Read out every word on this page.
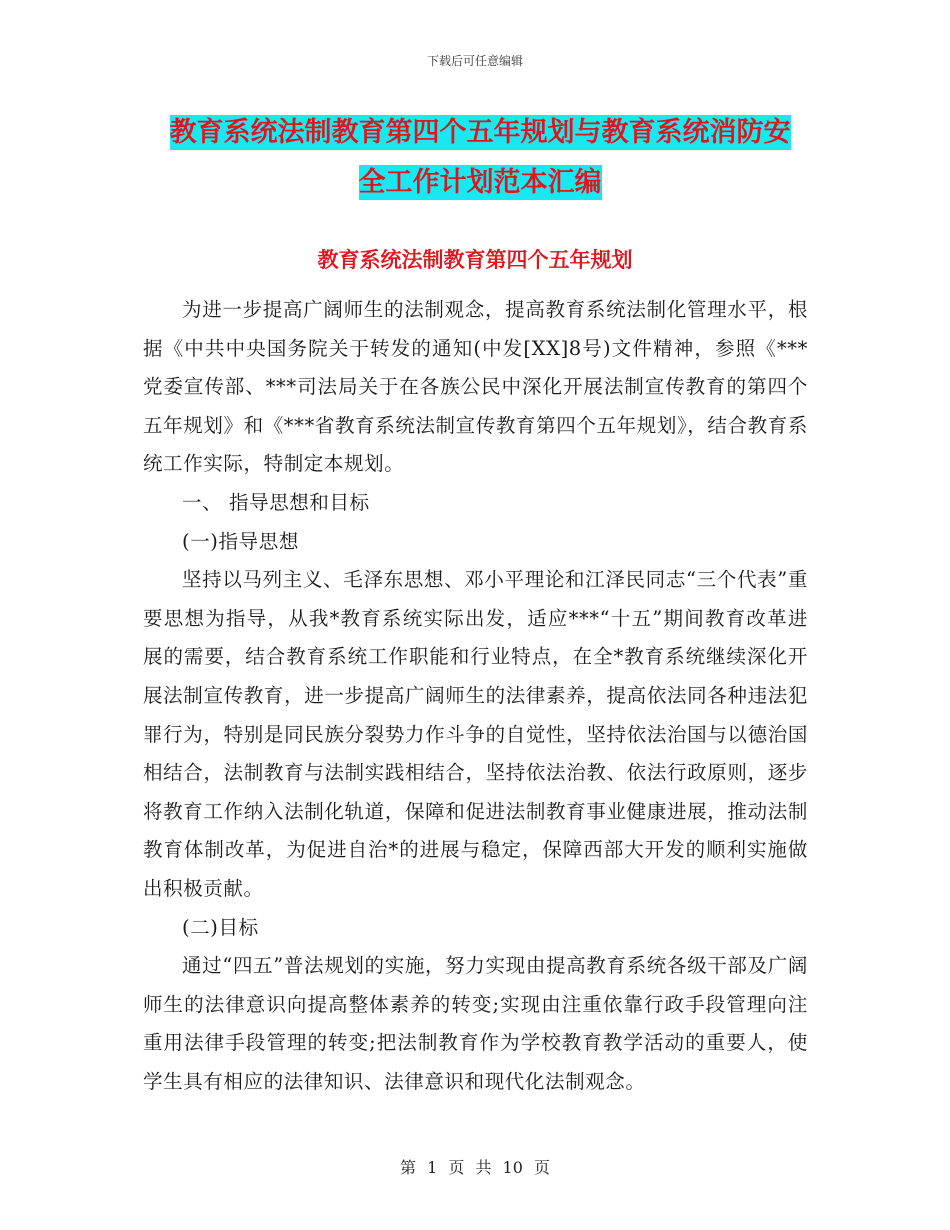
下载后可任意编辑
教育系统法制教育第四个五年规划与教育系统消防安
全工作计划范本汇编
教育系统法制教育第四个五年规划

为进一步提高广阔师生的法制观念，提高教育系统法制化管理水平，根据《中共中央国务院关于转发的通知(中发[XX]8号)文件精神，参照《***党委宣传部、***司法局关于在各族公民中深化开展法制宣传教育的第四个五年规划》和《***省教育系统法制宣传教育第四个五年规划》，结合教育系统工作实际，特制定本规划。

一、 指导思想和目标

(一)指导思想

坚持以马列主义、毛泽东思想、邓小平理论和江泽民同志“三个代表”重要思想为指导，从我*教育系统实际出发，适应***“十五”期间教育改革进展的需要，结合教育系统工作职能和行业特点，在全*教育系统继续深化开展法制宣传教育，进一步提高广阔师生的法律素养，提高依法同各种违法犯罪行为，特别是同民族分裂势力作斗争的自觉性，坚持依法治国与以德治国相结合，法制教育与法制实践相结合，坚持依法治教、依法行政原则，逐步将教育工作纳入法制化轨道，保障和促进法制教育事业健康进展，推动法制教育体制改革，为促进自治*的进展与稳定，保障西部大开发的顺利实施做出积极贡献。

(二)目标

通过“四五”普法规划的实施，努力实现由提高教育系统各级干部及广阔师生的法律意识向提高整体素养的转变;实现由注重依靠行政手段管理向注重用法律手段管理的转变;把法制教育作为学校教育教学活动的重要人，使学生具有相应的法律知识、法律意识和现代化法制观念。

第 1 页 共 10 页
